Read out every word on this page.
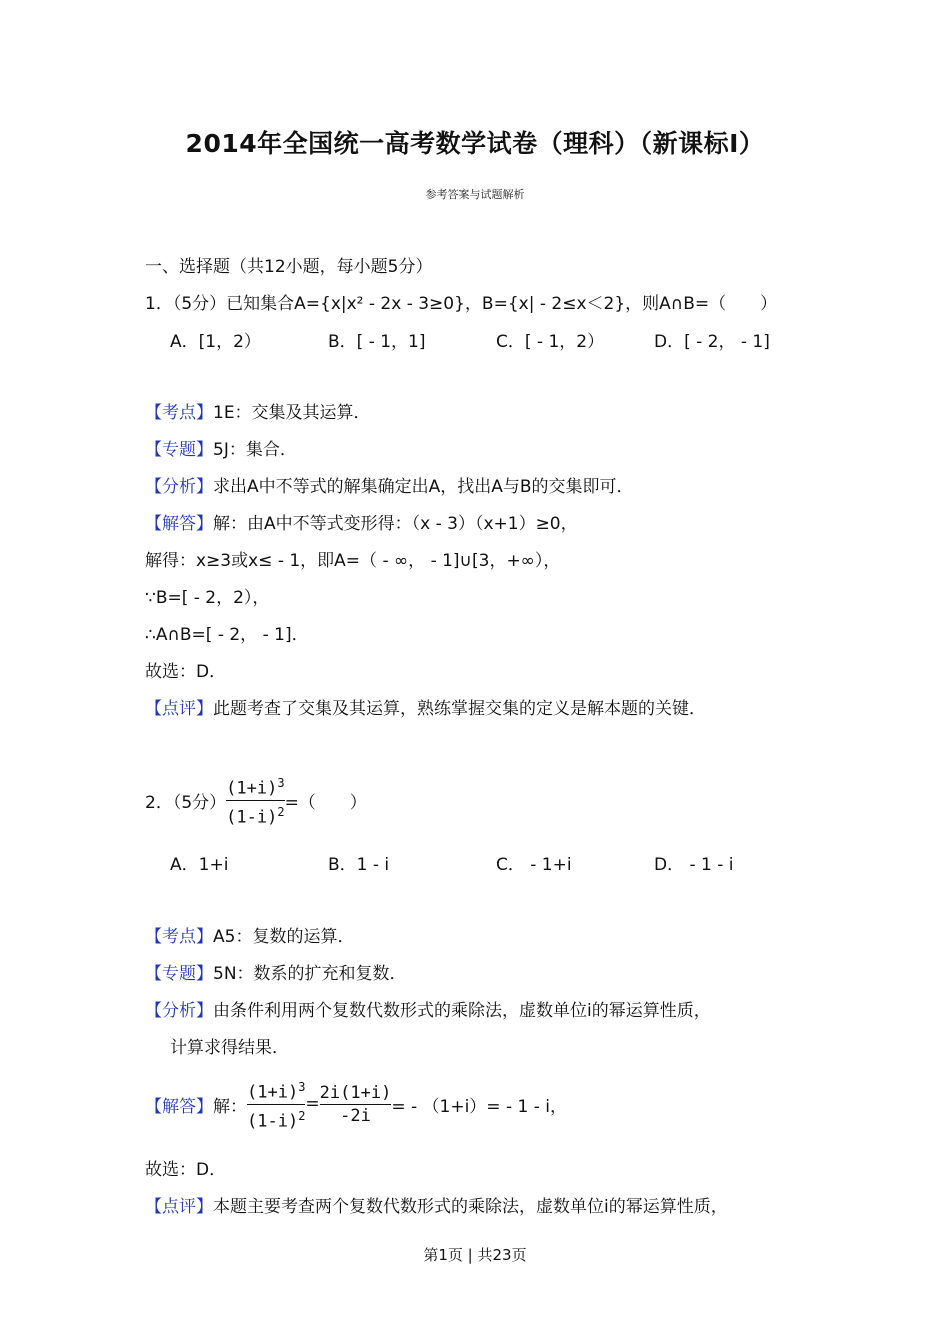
2014年全国统一高考数学试卷（理科）（新课标Ⅰ）
参考答案与试题解析
一、选择题（共12小题，每小题5分）
1．（5分）已知集合A={x|x² - 2x - 3≥0}，B={x| - 2≤x＜2}，则A∩B=（　　）
A．[1，2）	B．[ - 1，1]	C．[ - 1，2）	D．[ - 2， - 1]
【考点】1E：交集及其运算．
【专题】5J：集合．
【分析】求出A中不等式的解集确定出A，找出A与B的交集即可．
【解答】解：由A中不等式变形得：（x - 3）（x+1）≥0，
解得：x≥3或x≤ - 1，即A=（ - ∞， - 1]∪[3，+∞），
∵B=[ - 2，2），
∴A∩B=[ - 2， - 1]．
故选：D．
【点评】此题考查了交集及其运算，熟练掌握交集的定义是解本题的关键．
2．（5分） $\frac{(1+i)^3}{(1-i)^2}$ =（　　）
A．1+i	B．1 - i	C． - 1+i	D． - 1 - i
【考点】A5：复数的运算．
【专题】5N：数系的扩充和复数．
【分析】由条件利用两个复数代数形式的乘除法，虚数单位i的幂运算性质，
计算求得结果．
【解答】 解： $\frac{(1+i)^3}{(1-i)^2} = \frac{2i(1+i)}{-2i}$ = - （1+i）= - 1 - i，
故选：D．
【点评】本题主要考查两个复数代数形式的乘除法，虚数单位i的幂运算性质，
第1页 | 共23页
